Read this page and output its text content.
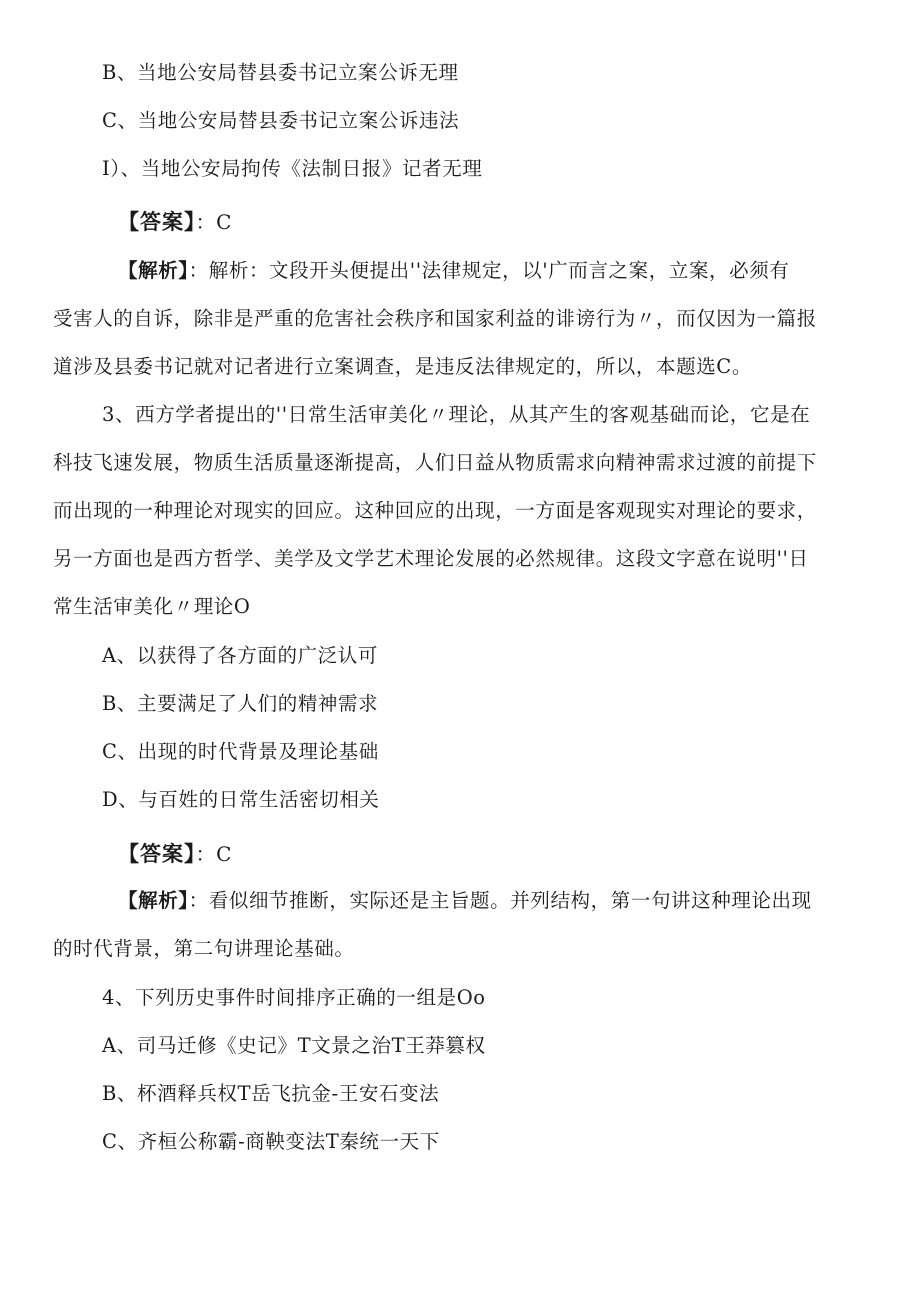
B、当地公安局替县委书记立案公诉无理
C、当地公安局替县委书记立案公诉违法
I）、当地公安局拘传《法制日报》记者无理
【答案】：C
【解析】：解析：文段开头便提出''法律规定，以'广而言之案，立案，必须有
受害人的自诉，除非是严重的危害社会秩序和国家利益的诽谤行为〃，而仅因为一篇报
道涉及县委书记就对记者进行立案调查，是违反法律规定的，所以，本题选C。
3、西方学者提出的''日常生活审美化〃理论，从其产生的客观基础而论，它是在
科技飞速发展，物质生活质量逐渐提高，人们日益从物质需求向精神需求过渡的前提下
而出现的一种理论对现实的回应。这种回应的出现，一方面是客观现实对理论的要求，
另一方面也是西方哲学、美学及文学艺术理论发展的必然规律。这段文字意在说明''日
常生活审美化〃理论O
A、以获得了各方面的广泛认可
B、主要满足了人们的精神需求
C、出现的时代背景及理论基础
D、与百姓的日常生活密切相关
【答案】：C
【解析】：看似细节推断，实际还是主旨题。并列结构，第一句讲这种理论出现
的时代背景，第二句讲理论基础。
4、下列历史事件时间排序正确的一组是Oo
A、司马迁修《史记》T文景之治T王莽篡权
B、杯酒释兵权T岳飞抗金-王安石变法
C、齐桓公称霸-商鞅变法T秦统一天下
